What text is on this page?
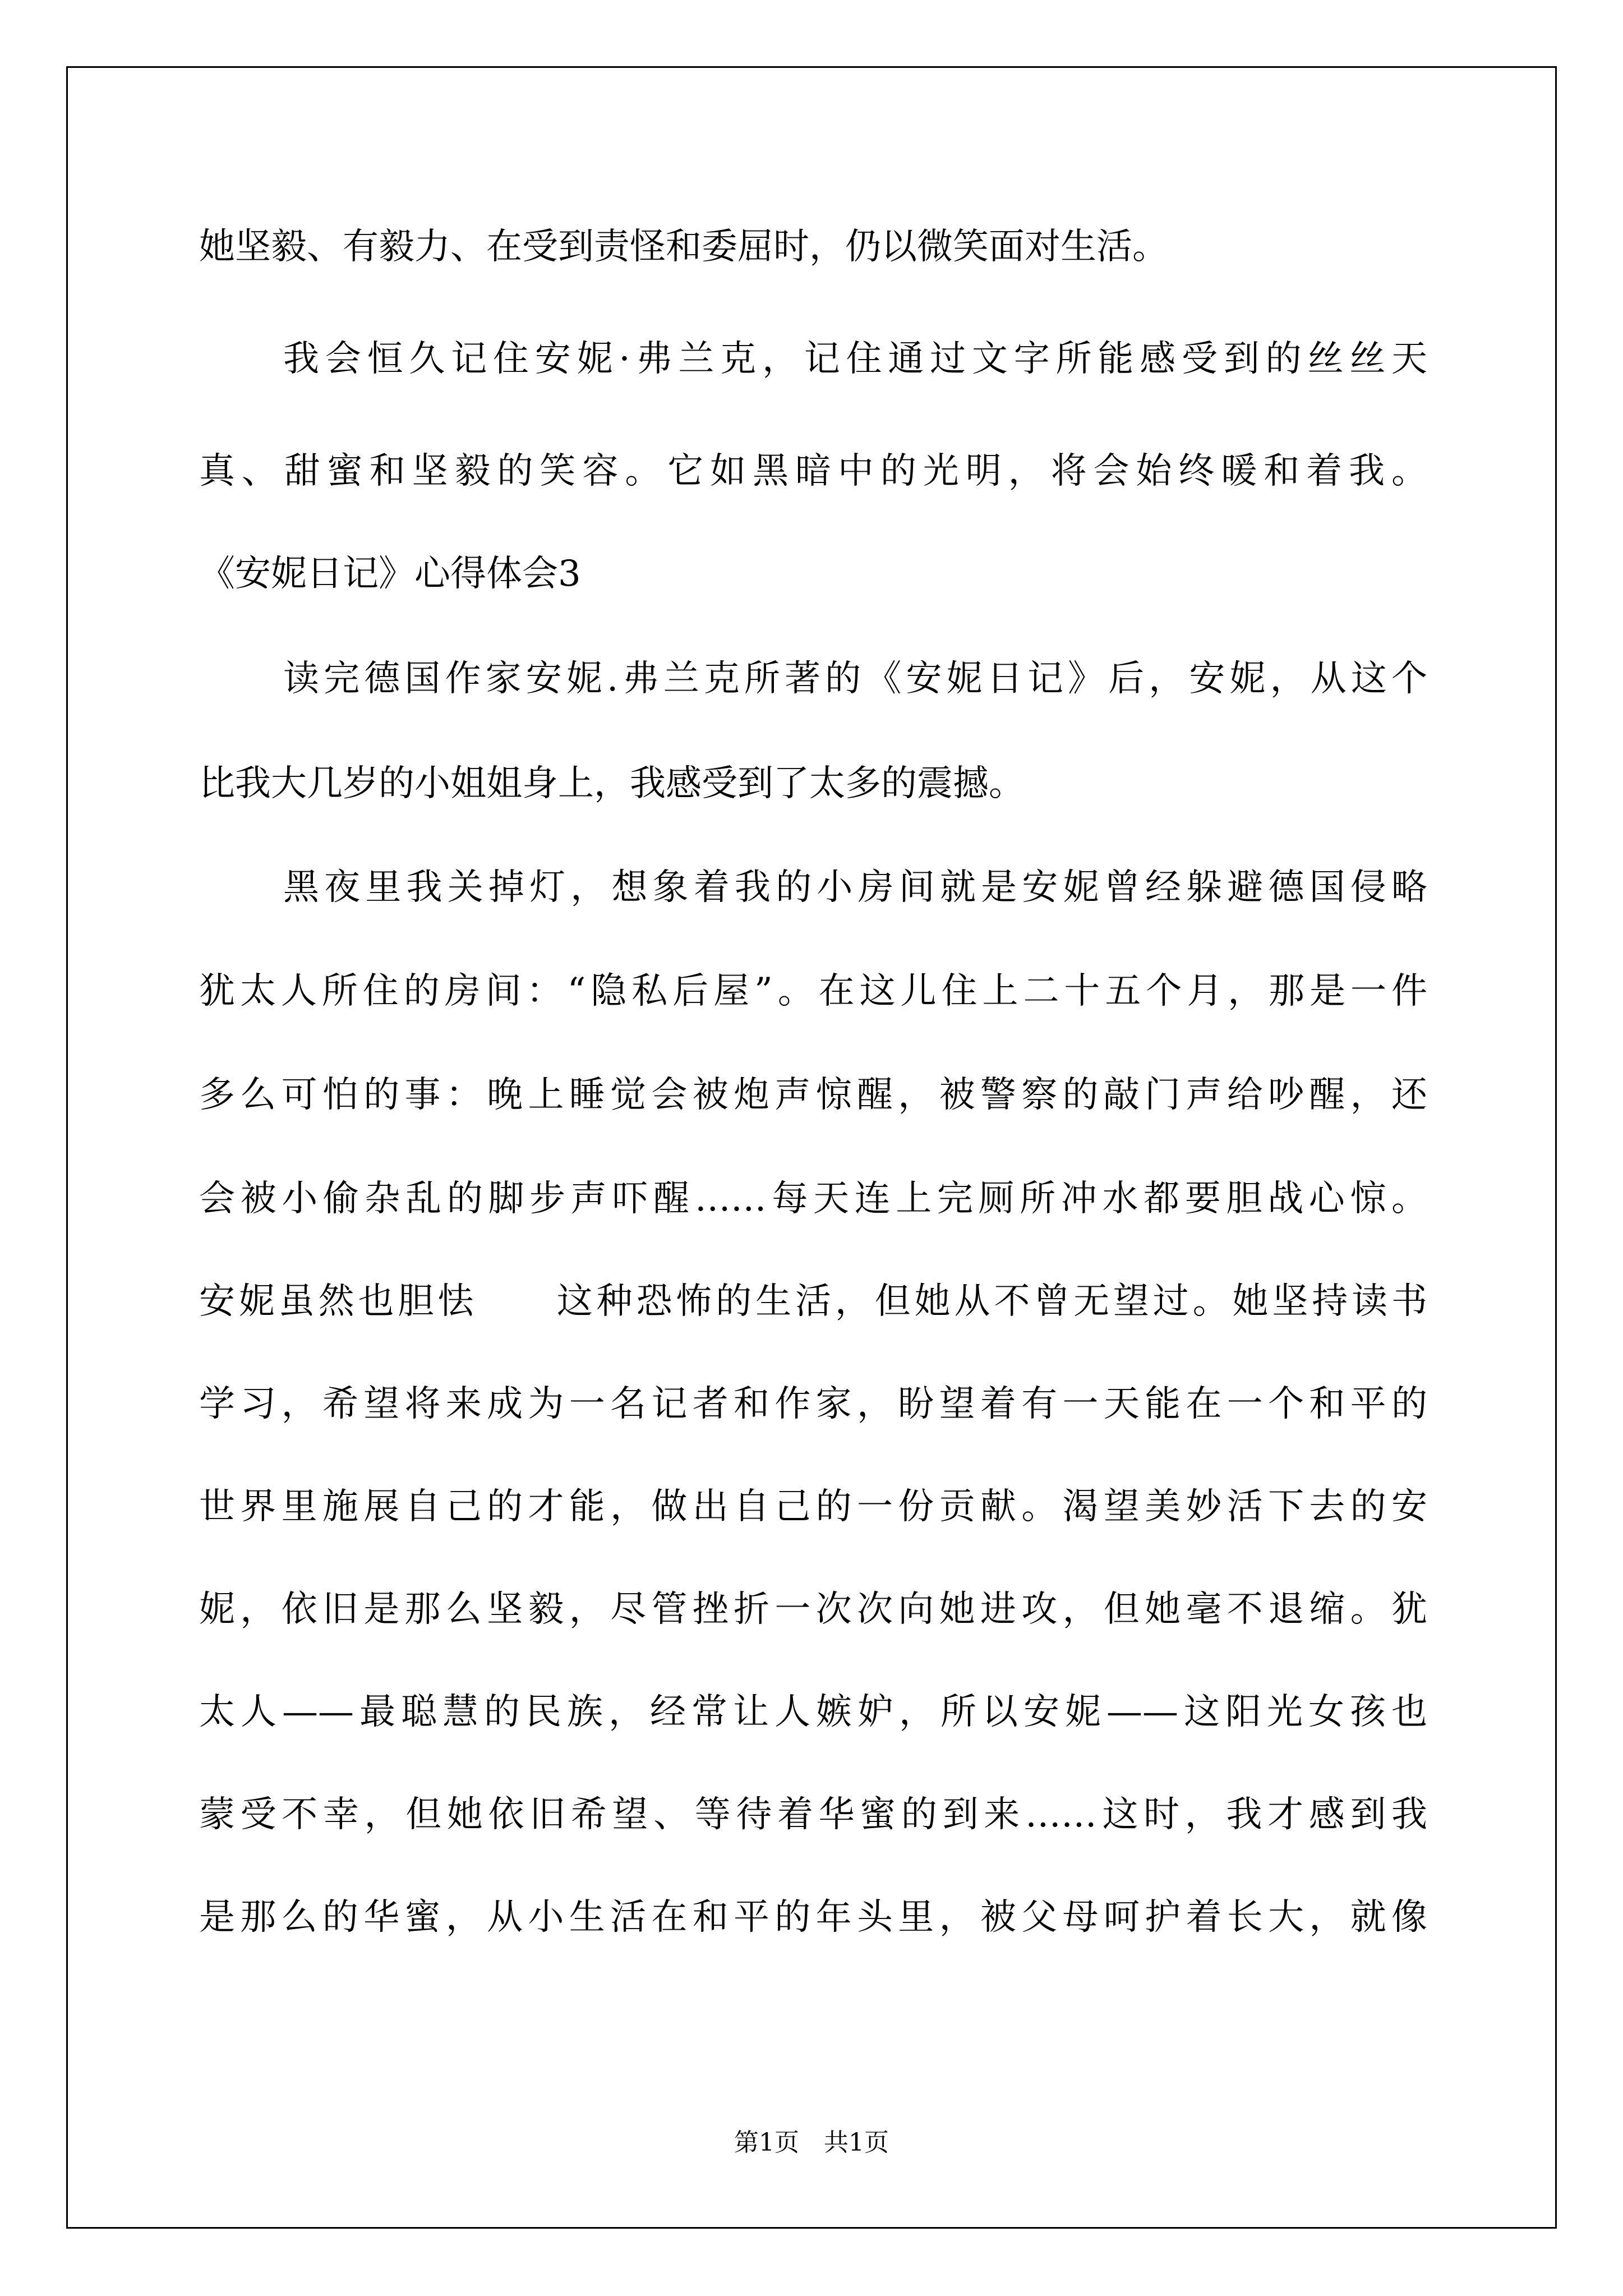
她坚毅、有毅力、在受到责怪和委屈时，仍以微笑面对生活。
我会恒久记住安妮·弗兰克，记住通过文字所能感受到的丝丝天
真、甜蜜和坚毅的笑容。它如黑暗中的光明，将会始终暖和着我。
《安妮日记》心得体会3
读完德国作家安妮.弗兰克所著的《安妮日记》后，安妮，从这个
比我大几岁的小姐姐身上，我感受到了太多的震撼。
黑夜里我关掉灯，想象着我的小房间就是安妮曾经躲避德国侵略
犹太人所住的房间：“隐私后屋”。在这儿住上二十五个月，那是一件
多么可怕的事：晚上睡觉会被炮声惊醒，被警察的敲门声给吵醒，还
会被小偷杂乱的脚步声吓醒……每天连上完厕所冲水都要胆战心惊。
安妮虽然也胆怯　　这种恐怖的生活，但她从不曾无望过。她坚持读书
学习，希望将来成为一名记者和作家，盼望着有一天能在一个和平的
世界里施展自己的才能，做出自己的一份贡献。渴望美妙活下去的安
妮，依旧是那么坚毅，尽管挫折一次次向她进攻，但她毫不退缩。犹
太人——最聪慧的民族，经常让人嫉妒，所以安妮——这阳光女孩也
蒙受不幸，但她依旧希望、等待着华蜜的到来……这时，我才感到我
是那么的华蜜，从小生活在和平的年头里，被父母呵护着长大，就像
第1页　共1页
